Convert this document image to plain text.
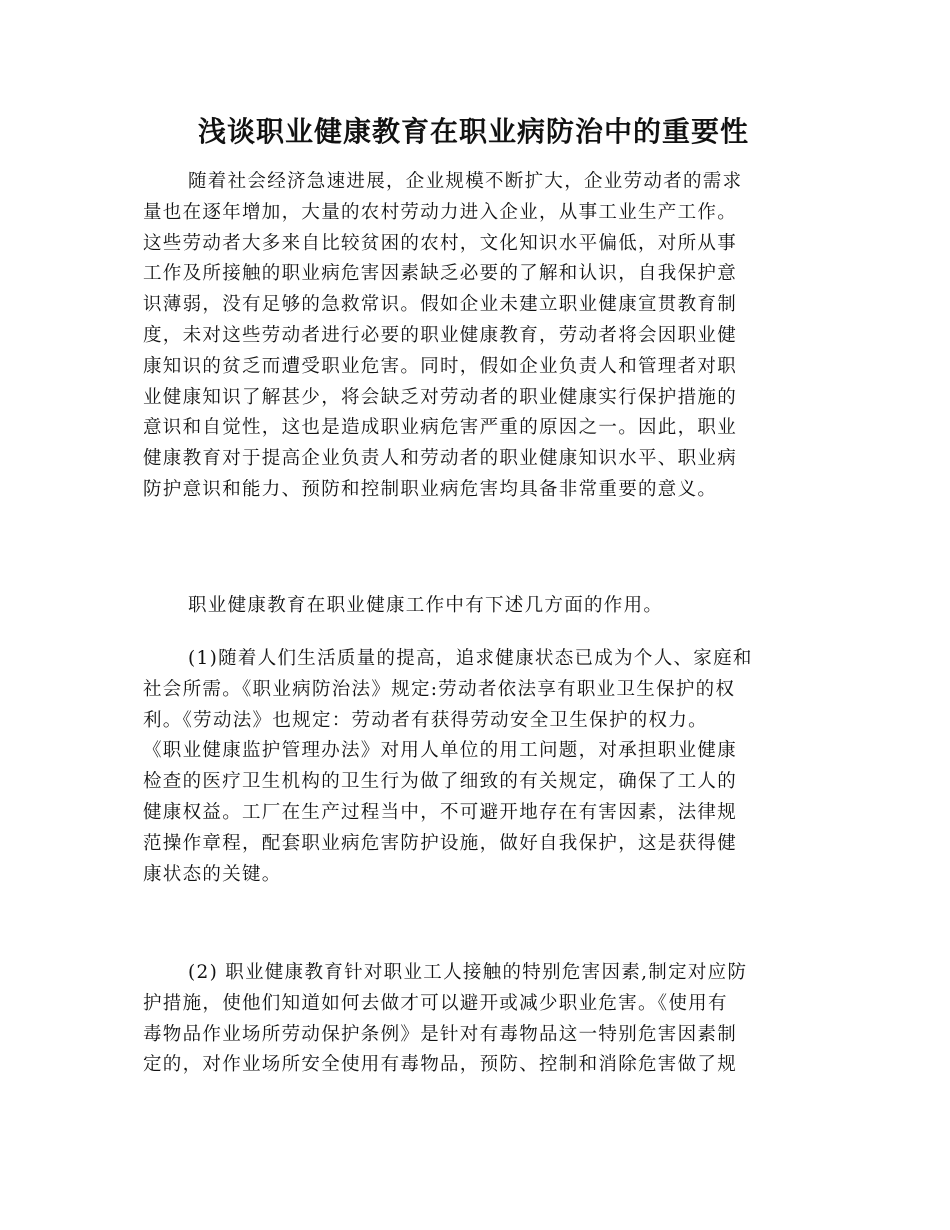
浅谈职业健康教育在职业病防治中的重要性

随着社会经济急速进展，企业规模不断扩大，企业劳动者的需求
量也在逐年增加，大量的农村劳动力进入企业，从事工业生产工作。
这些劳动者大多来自比较贫困的农村，文化知识水平偏低，对所从事
工作及所接触的职业病危害因素缺乏必要的了解和认识，自我保护意
识薄弱，没有足够的急救常识。假如企业未建立职业健康宣贯教育制
度，未对这些劳动者进行必要的职业健康教育，劳动者将会因职业健
康知识的贫乏而遭受职业危害。同时，假如企业负责人和管理者对职
业健康知识了解甚少，将会缺乏对劳动者的职业健康实行保护措施的
意识和自觉性，这也是造成职业病危害严重的原因之一。因此，职业
健康教育对于提高企业负责人和劳动者的职业健康知识水平、职业病
防护意识和能力、预防和控制职业病危害均具备非常重要的意义。

职业健康教育在职业健康工作中有下述几方面的作用。

(1)随着人们生活质量的提高，追求健康状态已成为个人、家庭和
社会所需。《职业病防治法》规定:劳动者依法享有职业卫生保护的权
利。《劳动法》也规定：劳动者有获得劳动安全卫生保护的权力。
《职业健康监护管理办法》对用人单位的用工问题，对承担职业健康
检查的医疗卫生机构的卫生行为做了细致的有关规定，确保了工人的
健康权益。工厂在生产过程当中，不可避开地存在有害因素，法律规
范操作章程，配套职业病危害防护设施，做好自我保护，这是获得健
康状态的关键。

(2) 职业健康教育针对职业工人接触的特别危害因素,制定对应防
护措施，使他们知道如何去做才可以避开或减少职业危害。《使用有
毒物品作业场所劳动保护条例》是针对有毒物品这一特别危害因素制
定的，对作业场所安全使用有毒物品，预防、控制和消除危害做了规
